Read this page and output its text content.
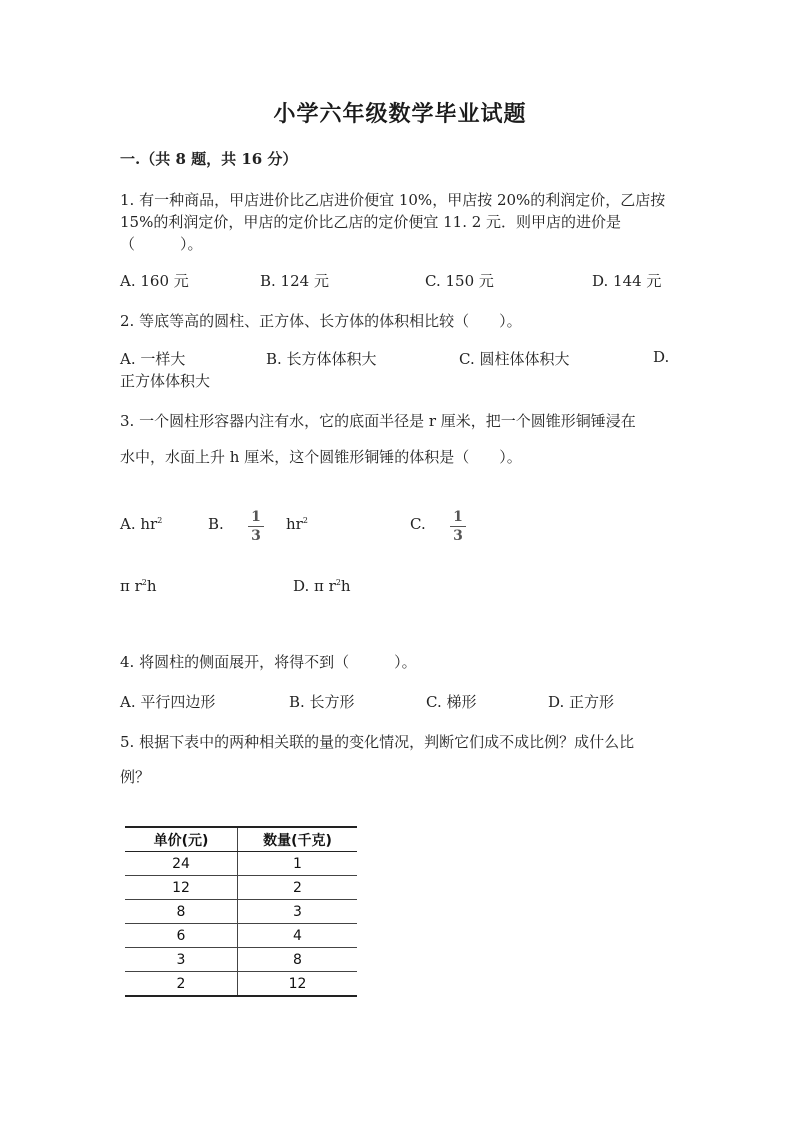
小学六年级数学毕业试题
一.（共 8 题，共 16 分）
1. 有一种商品，甲店进价比乙店进价便宜 10%，甲店按 20%的利润定价，乙店按
15%的利润定价，甲店的定价比乙店的定价便宜 11. 2 元．则甲店的进价是
（　　　）。
A. 160 元	B. 124 元	C. 150 元	D. 144 元
2. 等底等高的圆柱、正方体、长方体的体积相比较（　　）。
A. 一样大	B. 长方体体积大	C. 圆柱体体积大	D.
正方体体积大
3. 一个圆柱形容器内注有水，它的底面半径是 r 厘米，把一个圆锥形铜锤浸在
水中，水面上升 h 厘米，这个圆锥形铜锤的体积是（　　）。
A. $hr^2$	B. 1
3
$hr^2$	C. 1
3
π $r^2h$	D. π $r^2h$
4. 将圆柱的侧面展开，将得不到（　　　）。
A. 平行四边形	B. 长方形	C. 梯形	D. 正方形
5. 根据下表中的两种相关联的量的变化情况，判断它们成不成比例？成什么比
例？
单价(元)	数量(千克)
24	1
12	2
8	3
6	4
3	8
2	12
